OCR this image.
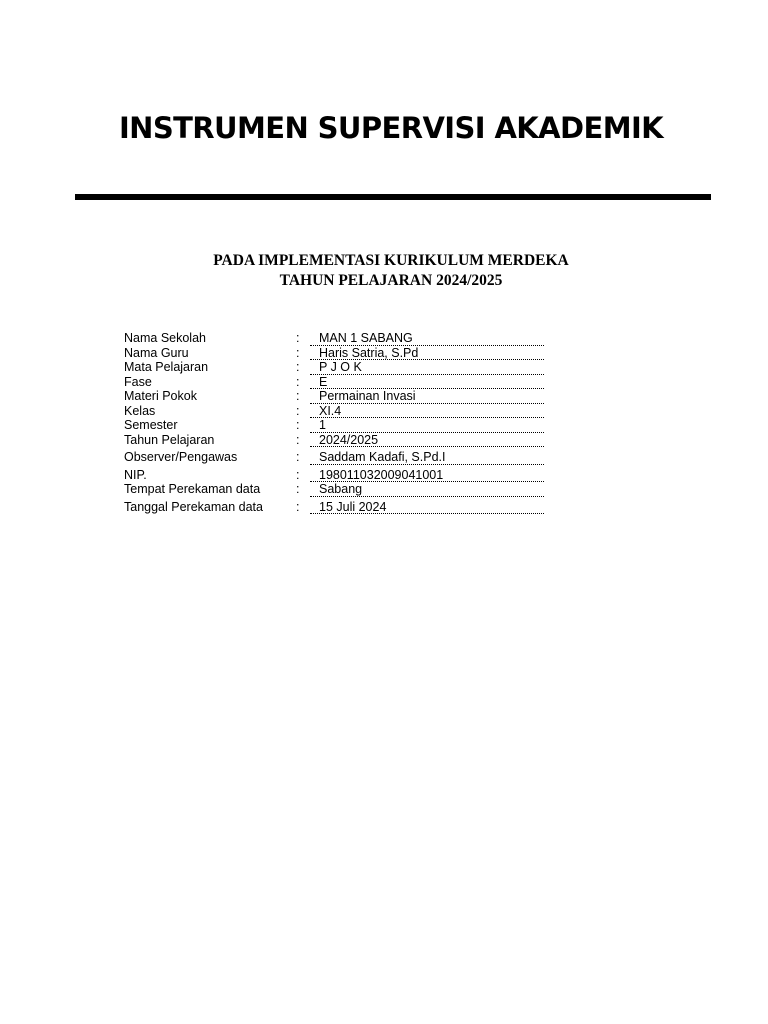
INSTRUMEN SUPERVISI AKADEMIK
PADA IMPLEMENTASI KURIKULUM MERDEKA
TAHUN PELAJARAN 2024/2025
Nama Sekolah	:	MAN 1 SABANG
Nama Guru	:	Haris Satria, S.Pd
Mata Pelajaran	:	P J O K
Fase	:	E
Materi Pokok	:	Permainan Invasi
Kelas	:	XI.4
Semester	:	1
Tahun Pelajaran	:	2024/2025
Observer/Pengawas	:	Saddam Kadafi, S.Pd.I
NIP.	:	198011032009041001
Tempat Perekaman data	:	Sabang
Tanggal Perekaman data	:	15 Juli 2024
